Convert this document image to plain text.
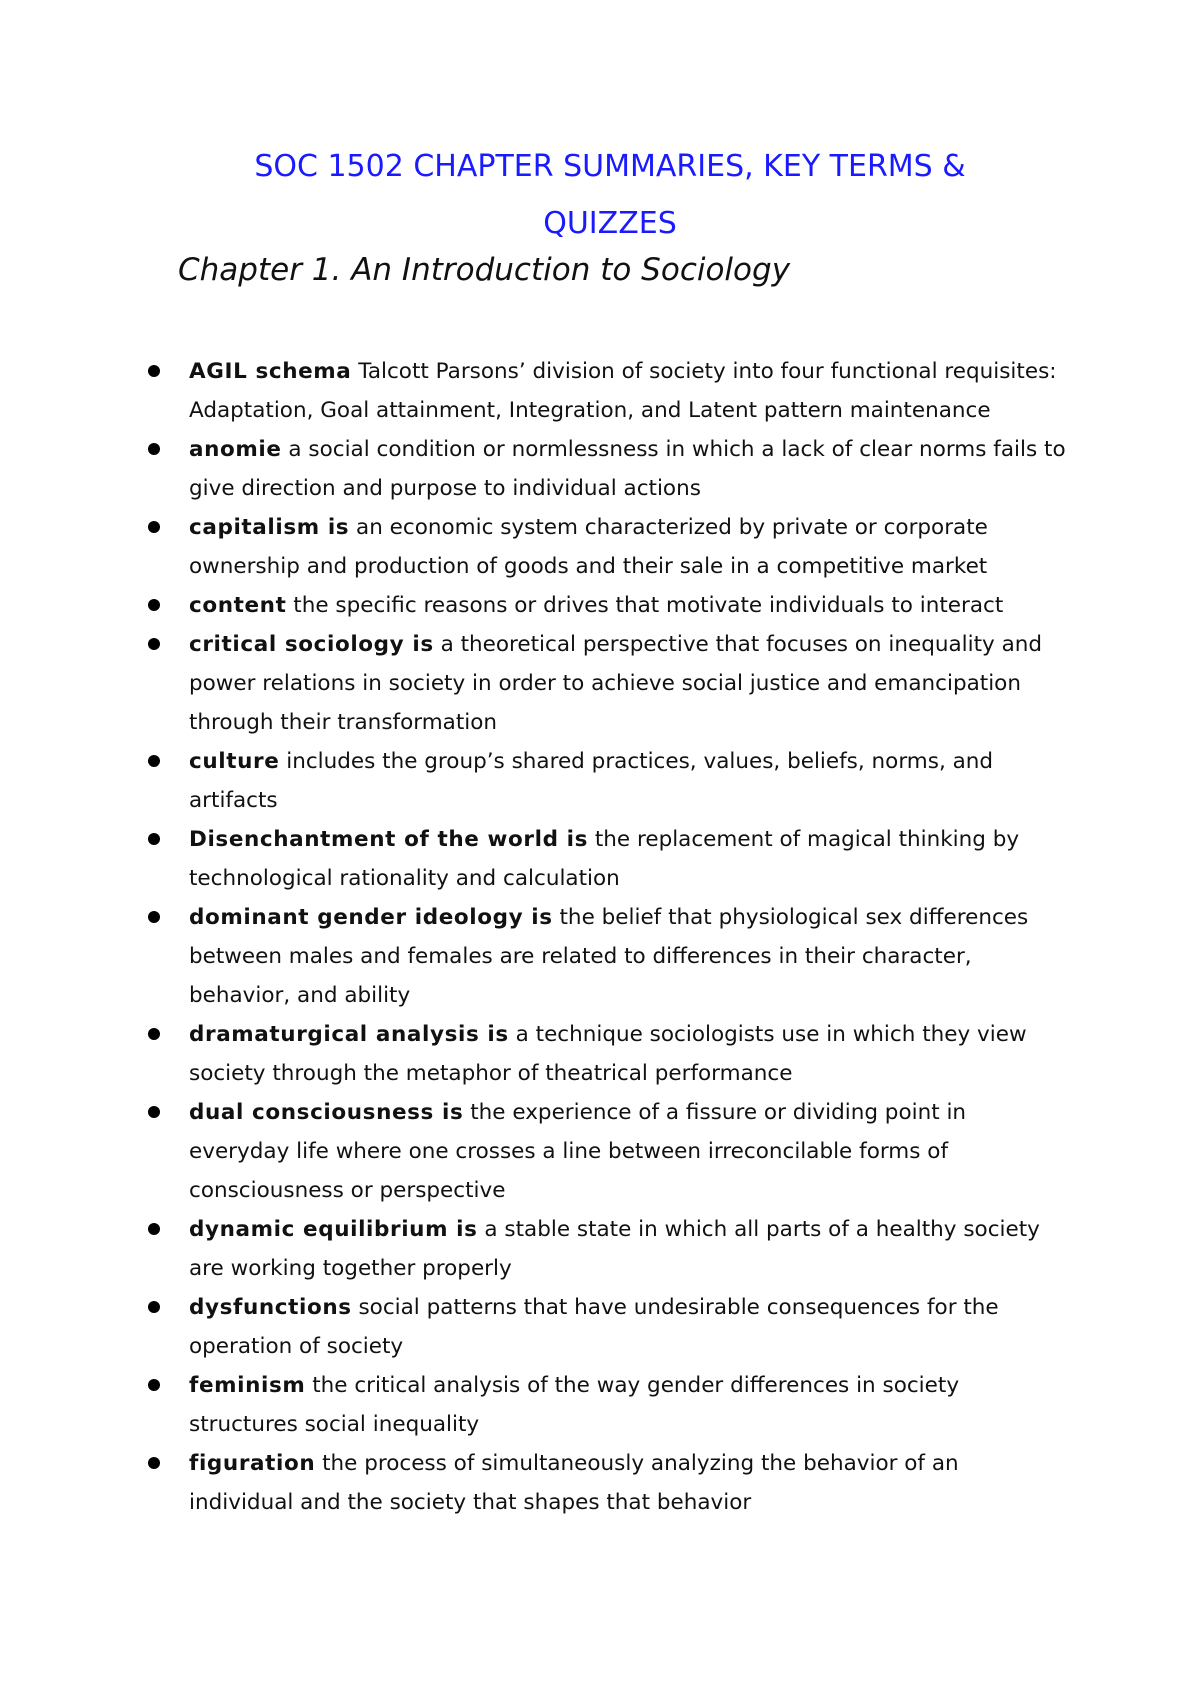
SOC 1502 CHAPTER SUMMARIES, KEY TERMS &
QUIZZES
Chapter 1. An Introduction to Sociology
AGIL schema Talcott Parsons’ division of society into four functional requisites: Adaptation, Goal attainment, Integration, and Latent pattern maintenance
anomie a social condition or normlessness in which a lack of clear norms fails to give direction and purpose to individual actions
capitalism is an economic system characterized by private or corporate ownership and production of goods and their sale in a competitive market
content the specific reasons or drives that motivate individuals to interact
critical sociology is a theoretical perspective that focuses on inequality and power relations in society in order to achieve social justice and emancipation through their transformation
culture includes the group’s shared practices, values, beliefs, norms, and artifacts
Disenchantment of the world is the replacement of magical thinking by technological rationality and calculation
dominant gender ideology is the belief that physiological sex differences between males and females are related to differences in their character, behavior, and ability
dramaturgical analysis is a technique sociologists use in which they view society through the metaphor of theatrical performance
dual consciousness is the experience of a fissure or dividing point in everyday life where one crosses a line between irreconcilable forms of consciousness or perspective
dynamic equilibrium is a stable state in which all parts of a healthy society are working together properly
dysfunctions social patterns that have undesirable consequences for the operation of society
feminism the critical analysis of the way gender differences in society structures social inequality
figuration the process of simultaneously analyzing the behavior of an individual and the society that shapes that behavior
